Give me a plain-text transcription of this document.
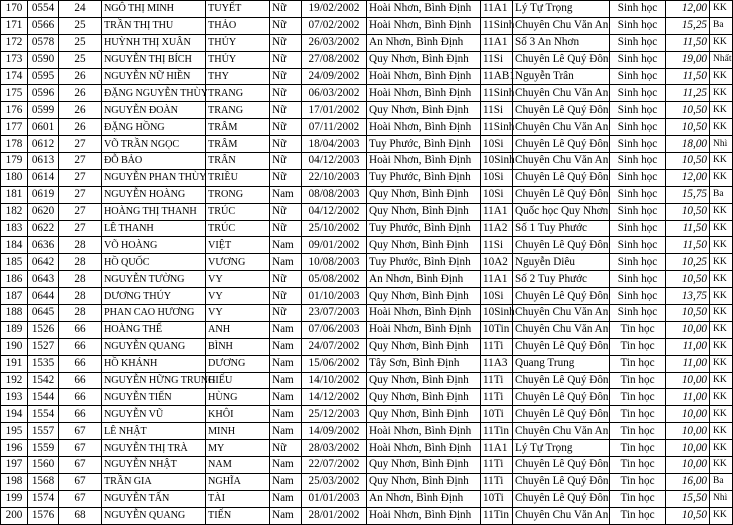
170	0554	24	NGÔ THỊ MINH	TUYẾT	Nữ	19/02/2002	Hoài Nhơn, Bình Định	11A1	Lý Tự Trọng	Sinh học	12,00	KK
171	0566	25	TRẦN THỊ THU	THẢO	Nữ	07/02/2002	Hoài Nhơn, Bình Định	11Sinh	Chuyên Chu Văn An	Sinh học	15,25	Ba
172	0578	25	HUỲNH THỊ XUÂN	THỦY	Nữ	26/03/2002	An Nhơn, Bình Định	11A1	Số 3 An Nhơn	Sinh học	11,50	KK
173	0590	25	NGUYỄN THỊ BÍCH	THỦY	Nữ	27/08/2002	Quy Nhơn, Bình Định	11Si	Chuyên Lê Quý Đôn	Sinh học	19,00	Nhất
174	0595	26	NGUYỄN NỮ HIỀN	THY	Nữ	24/09/2002	Hoài Nhơn, Bình Định	11AB1	Nguyễn Trân	Sinh học	11,50	KK
175	0596	26	ĐẶNG NGUYỄN THÙY	TRANG	Nữ	06/03/2002	Hoài Nhơn, Bình Định	11Sinh	Chuyên Chu Văn An	Sinh học	11,25	KK
176	0599	26	NGUYỄN ĐOÀN	TRANG	Nữ	17/01/2002	Quy Nhơn, Bình Định	11Si	Chuyên Lê Quý Đôn	Sinh học	10,50	KK
177	0601	26	ĐẶNG HỒNG	TRÂM	Nữ	07/11/2002	Hoài Nhơn, Bình Định	11Sinh	Chuyên Chu Văn An	Sinh học	10,50	KK
178	0612	27	VÕ TRẦN NGỌC	TRÂM	Nữ	18/04/2003	Tuy Phước, Bình Định	10Si	Chuyên Lê Quý Đôn	Sinh học	18,00	Nhì
179	0613	27	ĐỖ BẢO	TRÂN	Nữ	04/12/2003	Hoài Nhơn, Bình Định	10Sinh	Chuyên Chu Văn An	Sinh học	10,50	KK
180	0614	27	NGUYỄN PHAN THÙY	TRIỀU	Nữ	22/10/2003	Tuy Phước, Bình Định	10Si	Chuyên Lê Quý Đôn	Sinh học	12,00	KK
181	0619	27	NGUYỄN HOÀNG	TRONG	Nam	08/08/2003	Quy Nhơn, Bình Định	10Si	Chuyên Lê Quý Đôn	Sinh học	15,75	Ba
182	0620	27	HOÀNG THỊ THANH	TRÚC	Nữ	04/12/2002	Quy Nhơn, Bình Định	11A1	Quốc học Quy Nhơn	Sinh học	10,50	KK
183	0622	27	LÊ THANH	TRÚC	Nữ	25/10/2002	Tuy Phước, Bình Định	11A2	Số 1 Tuy Phước	Sinh học	11,50	KK
184	0636	28	VÕ HOÀNG	VIỆT	Nam	09/01/2002	Quy Nhơn, Bình Định	11Si	Chuyên Lê Quý Đôn	Sinh học	11,50	KK
185	0642	28	HỒ QUỐC	VƯƠNG	Nam	10/08/2003	Tuy Phước, Bình Định	10A2	Nguyễn Diêu	Sinh học	10,25	KK
186	0643	28	NGUYỄN TƯỜNG	VY	Nữ	05/08/2002	An Nhơn, Bình Định	11A1	Số 2 Tuy Phước	Sinh học	10,50	KK
187	0644	28	DƯƠNG THÚY	VY	Nữ	01/10/2003	Quy Nhơn, Bình Định	10Si	Chuyên Lê Quý Đôn	Sinh học	13,75	KK
188	0645	28	PHAN CAO HƯƠNG	VY	Nữ	23/07/2003	Hoài Nhơn, Bình Định	10Sinh	Chuyên Chu Văn An	Sinh học	10,50	KK
189	1526	66	HOÀNG THẾ	ANH	Nam	07/06/2003	Hoài Nhơn, Bình Định	10Tin	Chuyên Chu Văn An	Tin học	10,00	KK
190	1527	66	NGUYỄN QUANG	BÌNH	Nam	24/07/2002	Quy Nhơn, Bình Định	11Ti	Chuyên Lê Quý Đôn	Tin học	11,00	KK
191	1535	66	HỒ KHÁNH	DƯƠNG	Nam	15/06/2002	Tây Sơn, Bình Định	11A3	Quang Trung	Tin học	11,00	KK
192	1542	66	NGUYỄN HỮNG TRUNG	HIẾU	Nam	14/10/2002	Quy Nhơn, Bình Định	11Ti	Chuyên Lê Quý Đôn	Tin học	10,00	KK
193	1544	66	NGUYỄN TIẾN	HÙNG	Nam	14/12/2002	Quy Nhơn, Bình Định	11Ti	Chuyên Lê Quý Đôn	Tin học	11,00	KK
194	1554	66	NGUYỄN VŨ	KHÔI	Nam	25/12/2003	Quy Nhơn, Bình Định	10Ti	Chuyên Lê Quý Đôn	Tin học	10,00	KK
195	1557	67	LÊ NHẬT	MINH	Nam	14/09/2002	Hoài Nhơn, Bình Định	11Tin	Chuyên Chu Văn An	Tin học	10,00	KK
196	1559	67	NGUYỄN THỊ TRÀ	MY	Nữ	28/03/2002	Hoài Nhơn, Bình Định	11A1	Lý Tự Trọng	Tin học	10,00	KK
197	1560	67	NGUYỄN NHẬT	NAM	Nam	22/07/2002	Quy Nhơn, Bình Định	11Ti	Chuyên Lê Quý Đôn	Tin học	10,00	KK
198	1568	67	TRẦN GIA	NGHĨA	Nam	25/03/2002	Quy Nhơn, Bình Định	11Ti	Chuyên Lê Quý Đôn	Tin học	16,00	Ba
199	1574	67	NGUYỄN TẤN	TÀI	Nam	01/01/2003	An Nhơn, Bình Định	10Ti	Chuyên Lê Quý Đôn	Tin học	15,50	Nhì
200	1576	68	NGUYỄN QUANG	TIẾN	Nam	28/01/2002	Hoài Nhơn, Bình Định	11Tin	Chuyên Chu Văn An	Tin học	10,50	KK
